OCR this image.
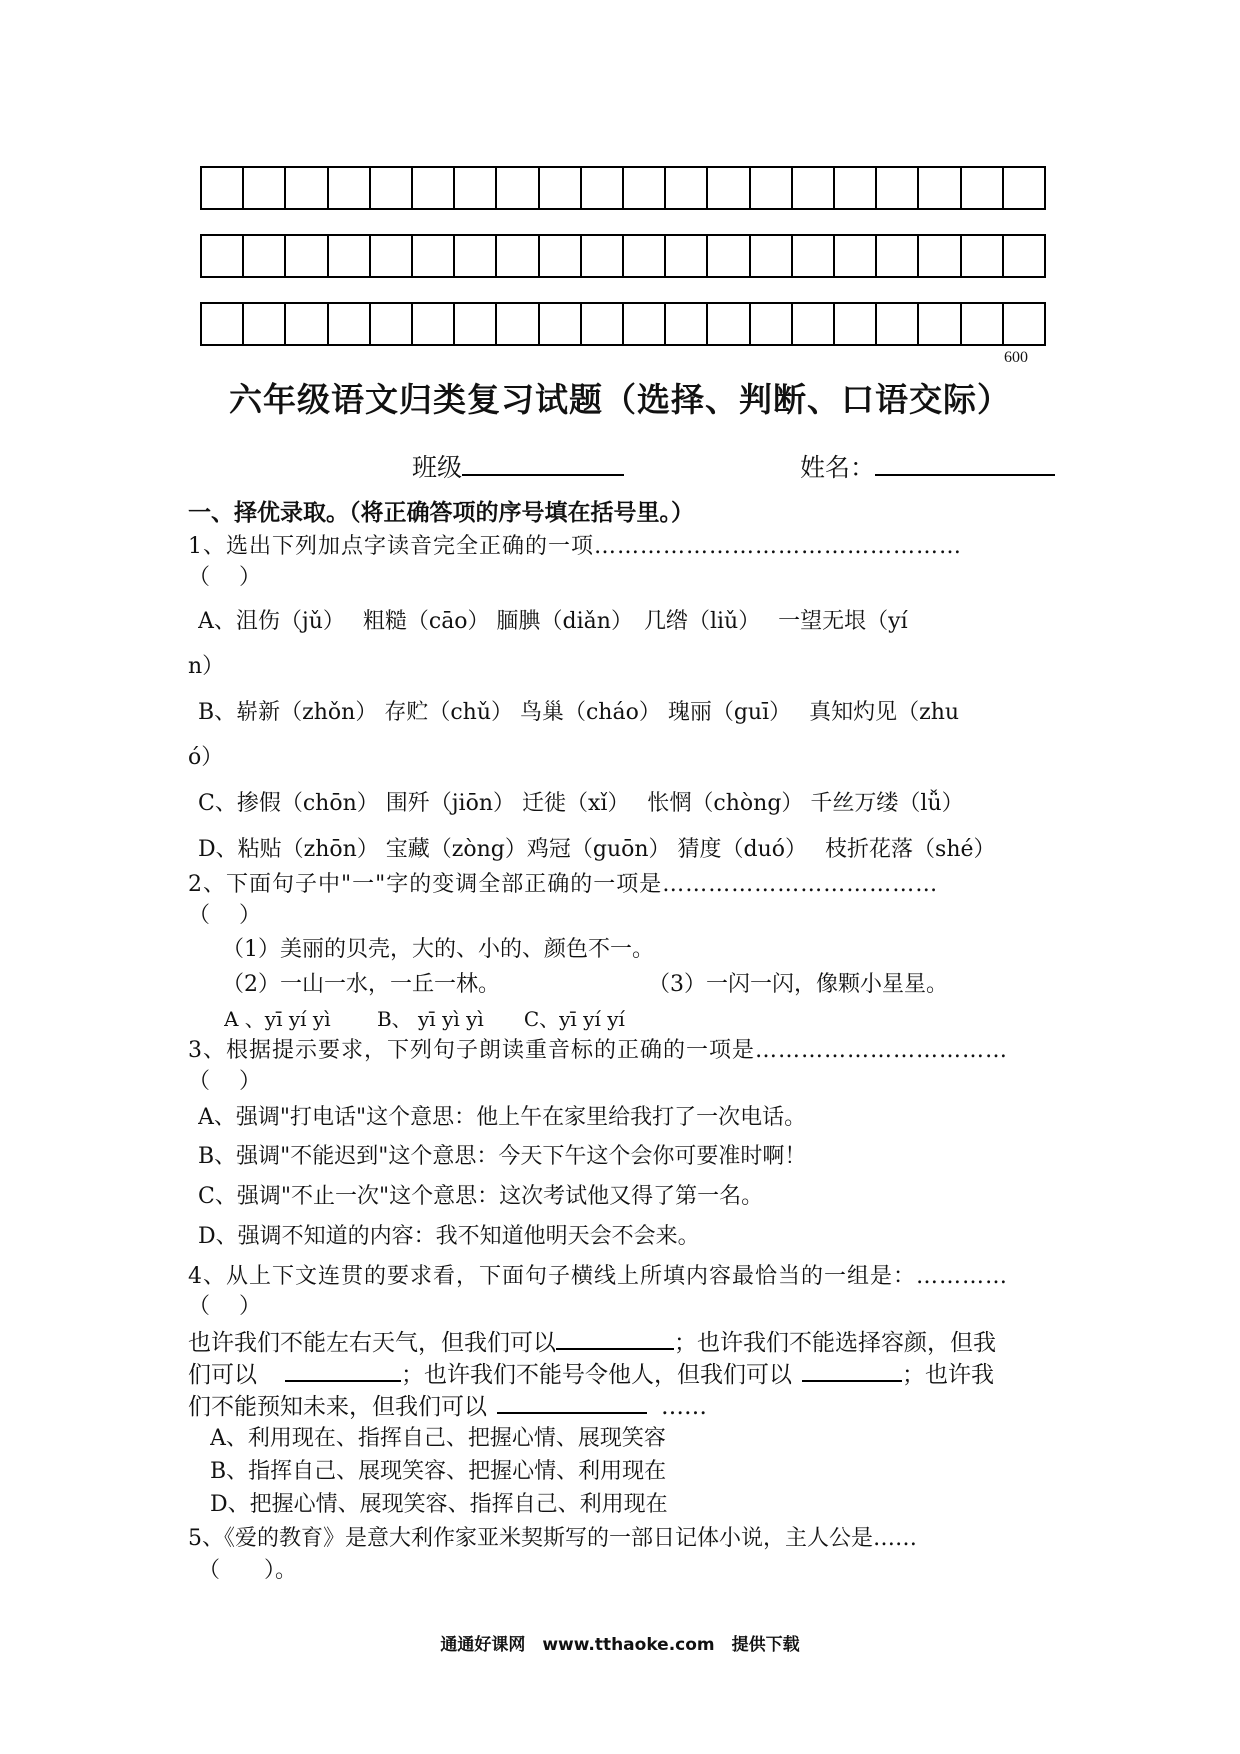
600
六年级语文归类复习试题（选择、判断、口语交际）
班级	姓名：
一、择优录取。（将正确答项的序号填在括号里。）
1、选出下列加点字读音完全正确的一项…………………………………………
（　 ）
A、沮伤（jǔ）　 粗糙（cāo） 腼腆（diǎn）　几绺（liǔ）　 一望无垠（yí
n）
B、崭新（zhǒn） 存贮（chǔ） 鸟巢（cháo） 瑰丽（guī）　 真知灼见（zhu
ó）
C、掺假（chōn） 围歼（jiōn） 迁徙（xǐ）　 怅惘（chòng） 千丝万缕（lǚ）
D、粘贴（zhōn） 宝藏（zòng）鸡冠（guōn） 猜度（duó）　 枝折花落（shé）
2、下面句子中"一"字的变调全部正确的一项是………………………………
（　 ）
（1）美丽的贝壳，大的、小的、颜色不一。
（2）一山一水，一丘一林。	（3）一闪一闪，像颗小星星。
A 、yī yí yì　　 B、 yī yì yì　　C、yī yí yí
3、根据提示要求，下列句子朗读重音标的正确的一项是……………………………
（　 ）
A、强调"打电话"这个意思：他上午在家里给我打了一次电话。
B、强调"不能迟到"这个意思：今天下午这个会你可要准时啊！
C、强调"不止一次"这个意思：这次考试他又得了第一名。
D、强调不知道的内容：我不知道他明天会不会来。
4、从上下文连贯的要求看，下面句子横线上所填内容最恰当的一组是：…………
（　 ）
也许我们不能左右天气，但我们可以	；也许我们不能选择容颜，但我
们可以	；也许我们不能号令他人，但我们可以	；也许我
们不能预知未来，但我们可以	……
A、利用现在、指挥自己、把握心情、展现笑容
B、指挥自己、展现笑容、把握心情、利用现在
D、把握心情、展现笑容、指挥自己、利用现在
5、《爱的教育》是意大利作家亚米契斯写的一部日记体小说，主人公是……
（　　）。
通通好课网　www.tthaoke.com　提供下载
